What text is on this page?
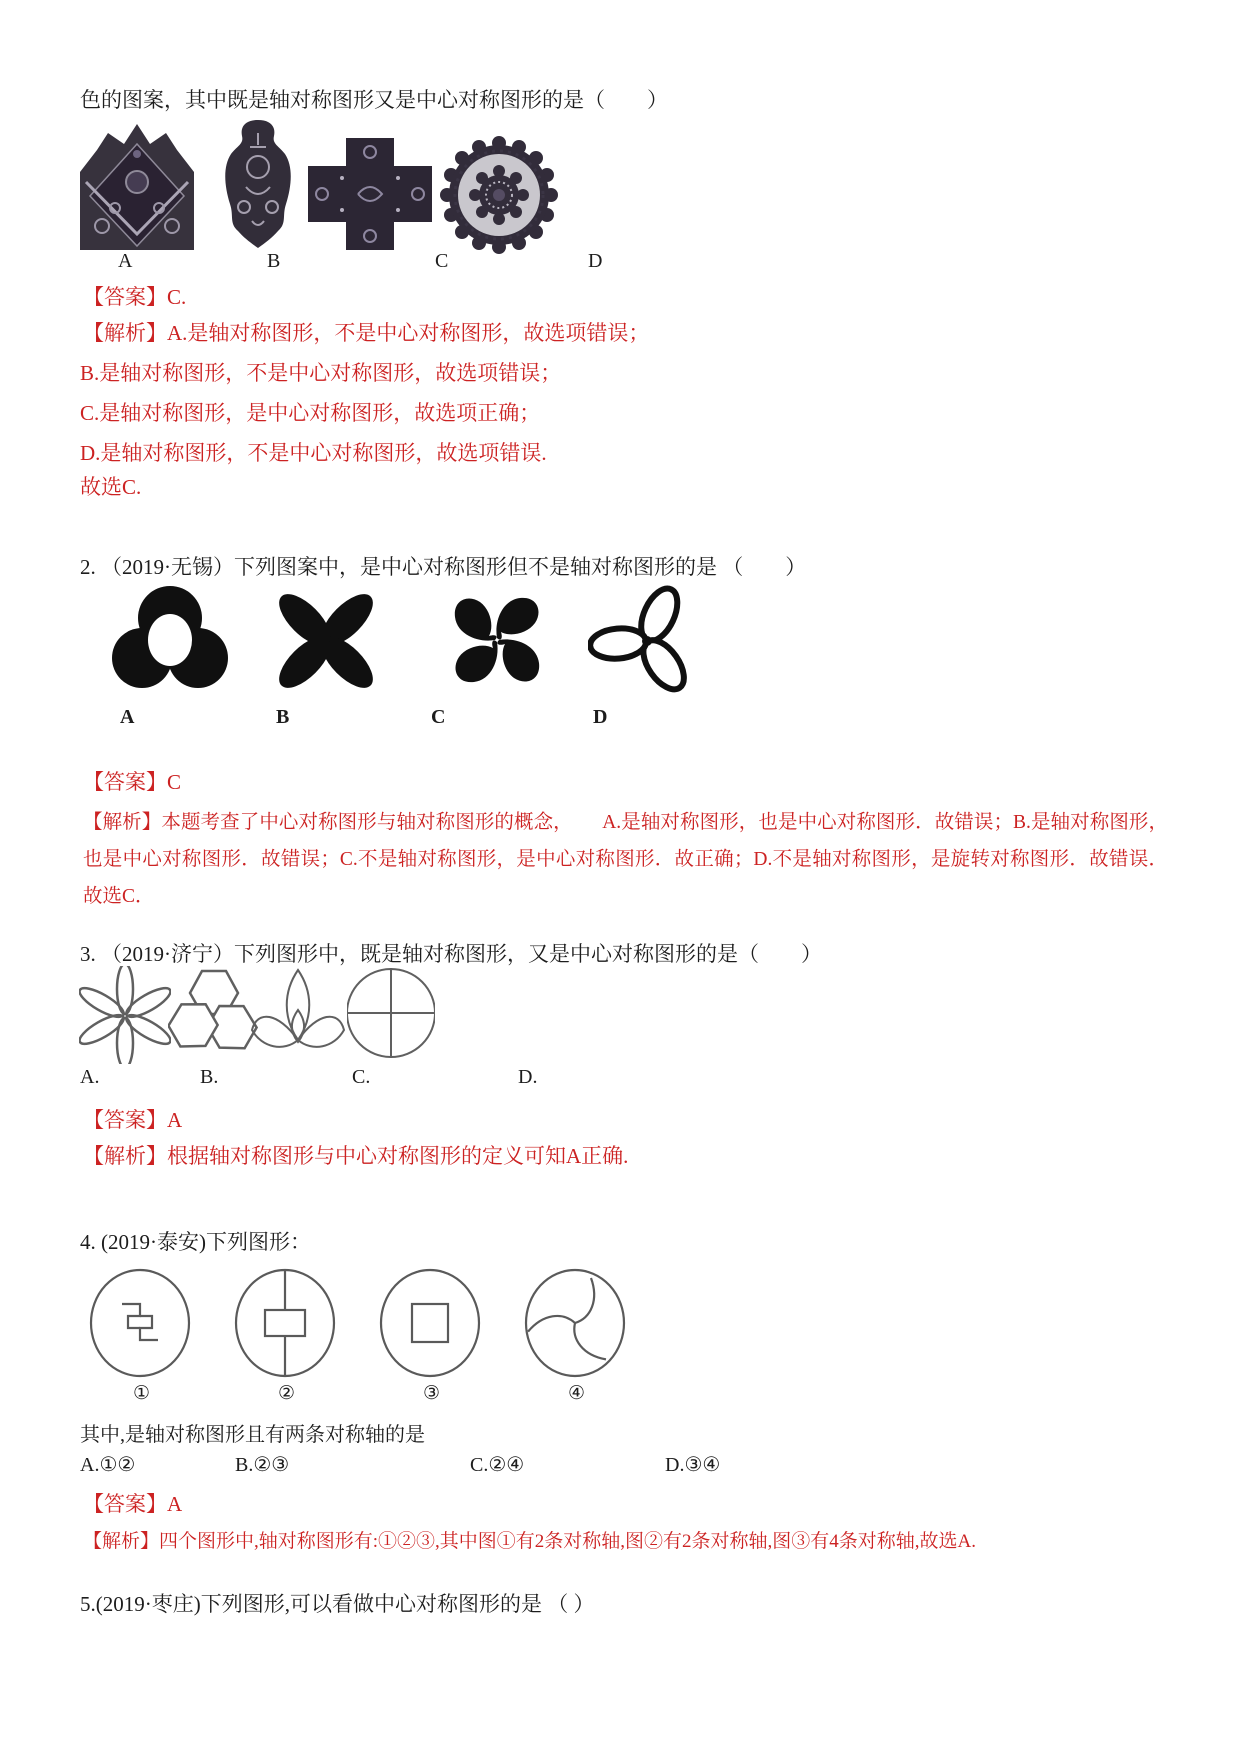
色的图案，其中既是轴对称图形又是中心对称图形的是（　　）
A	B	C	D
【答案】C.
【解析】A.是轴对称图形，不是中心对称图形，故选项错误；
B.是轴对称图形，不是中心对称图形，故选项错误；
C.是轴对称图形，是中心对称图形，故选项正确；
D.是轴对称图形，不是中心对称图形，故选项错误.
故选C.
2. （2019·无锡）下列图案中，是中心对称图形但不是轴对称图形的是 （　　）
A	B	C	D
【答案】C
【解析】本题考查了中心对称图形与轴对称图形的概念，　　A.是轴对称图形，也是中心对称图形．故错误；B.是轴对称图形，也是中心对称图形．故错误；C.不是轴对称图形，是中心对称图形．故正确；D.不是轴对称图形，是旋转对称图形．故错误．故选C．
3. （2019·济宁）下列图形中，既是轴对称图形，又是中心对称图形的是（　　）
A.	B.	C.	D.
【答案】A
【解析】根据轴对称图形与中心对称图形的定义可知A正确.
4. (2019·泰安)下列图形：
①	②	③	④
其中,是轴对称图形且有两条对称轴的是
A.①②	B.②③	C.②④	D.③④
【答案】A
【解析】四个图形中,轴对称图形有:①②③,其中图①有2条对称轴,图②有2条对称轴,图③有4条对称轴,故选A.
5.(2019·枣庄)下列图形,可以看做中心对称图形的是 （ ）
